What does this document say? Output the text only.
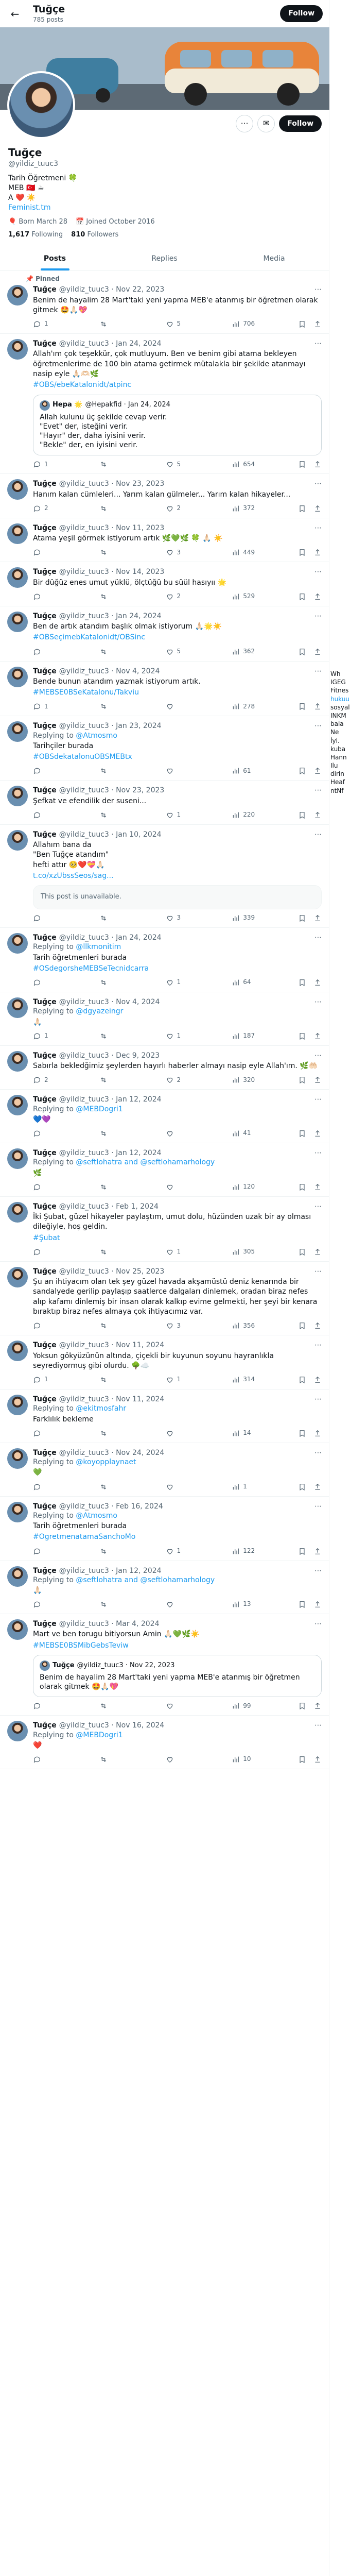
←	Tuğçe
785 posts
Follow
⋯	✉	Follow
Tuğçe
@yildiz_tuuc3
Tarih Öğretmeni 🍀
MEB 🇹🇷 ☕
A ❤️ ☀️
Feminist.tm
🎈 Born March 28 📅 Joined October 2016
1,617 Following 810 Followers
Posts	Replies	Media
📌 Pinned
Tuğçe @yildiz_tuuc3 · Nov 22, 2023	⋯
Benim de hayalim 28 Mart'taki yeni yapma MEB'e atanmış bir öğretmen olarak gitmek 🤩🙏🏻💖
1	5	706
Tuğçe @yildiz_tuuc3 · Jan 24, 2024	⋯
Allah'ım çok teşekkür, çok mutluyum. Ben ve benim gibi atama bekleyen öğretmenlerime de 100 bin atama getirmek mütalakla bir şekilde atanmayı nasip eyle 🙏🏻🫶🏻🌿
#OBS/ebeKatalonidt/atpinc
Hepa 🌟 @Hepakfid · Jan 24, 2024
Allah kulunu üç şekilde cevap verir.
"Evet" der, isteğini verir.
"Hayır" der, daha iyisini verir.
"Bekle" der, en iyisini verir.
1	5	654
Tuğçe @yildiz_tuuc3 · Nov 23, 2023	⋯
Hanım kalan cümleleri... Yarım kalan gülmeler... Yarım kalan hikayeler...
2	2	372
Tuğçe @yildiz_tuuc3 · Nov 11, 2023	⋯
Atama yeşil görmek istiyorum artık 🌿💚🌿 🍀 🙏🏻 ☀️
3	449
Tuğçe @yildiz_tuuc3 · Nov 14, 2023	⋯
Bir düğüz enes umut yüklü, ölçtüğü bu süül hasıyıı 🌟
2	529
Tuğçe @yildiz_tuuc3 · Jan 24, 2024	⋯
Ben de artık atandım başlık olmak istiyorum 🙏🏻🌟☀️
#OBSeçimebKatalonidt/OBSinc
5	362
Tuğçe @yildiz_tuuc3 · Nov 4, 2024	⋯
Bende bunun atandım yazmak istiyorum artık.
#MEBSE0BSeKatalonu/Takviu
1	278
Tuğçe @yildiz_tuuc3 · Jan 23, 2024	⋯
Replying to @Atmosmo
Tarihçiler burada
#OBSdekatalonuOBSMEBtx
61
Tuğçe @yildiz_tuuc3 · Nov 23, 2023	⋯
Şefkat ve efendilik der suseni...
1	220
Tuğçe @yildiz_tuuc3 · Jan 10, 2024	⋯
Allahım bana da
"Ben Tuğçe atandım"
hefti attır 🥺❤️💝🙏🏻
t.co/xzUbssSeos/sag...
This post is unavailable.
3	339
Tuğçe @yildiz_tuuc3 · Jan 24, 2024	⋯
Replying to @llkmonitim
Tarih öğretmenleri burada
#OSdegorsheMEBSeTecnidcarra
1	64
Tuğçe @yildiz_tuuc3 · Nov 4, 2024	⋯
Replying to @dgyazeingr
🙏🏻
1	1	187
Tuğçe @yildiz_tuuc3 · Dec 9, 2023	⋯
Sabırla bekledğimiz şeylerden hayırlı haberler almayı nasip eyle Allah'ım. 🌿🤲🏻
2	2	320
Tuğçe @yildiz_tuuc3 · Jan 12, 2024	⋯
Replying to @MEBDogri1
💙💜
41
Tuğçe @yildiz_tuuc3 · Jan 12, 2024	⋯
Replying to @seftlohatra and @seftlohamarhology
🌿
120
Tuğçe @yildiz_tuuc3 · Feb 1, 2024	⋯
İki Şubat, güzel hikayeler paylaştım, umut dolu, hüzünden uzak bir ay olması dileğiyle, hoş geldin.
#Şubat
1	305
Tuğçe @yildiz_tuuc3 · Nov 25, 2023	⋯
Şu an ihtiyacım olan tek şey güzel havada akşamüstü deniz kenarında bir sandalyede gerilip paylaşıp saatlerce dalgaları dinlemek, oradan biraz nefes alıp kafamı dinlemiş bir insan olarak kalkıp evime gelmekti, her şeyi bir kenara bıraktıp biraz nefes almaya çok ihtiyacımız var.
3	356
Tuğçe @yildiz_tuuc3 · Nov 11, 2024	⋯
Yoksun gökyüzünün altında, çiçekli bir kuyunun soyunu hayranlıkla seyrediyormuş gibi olurdu. 🌳☁️
1	1	314
Tuğçe @yildiz_tuuc3 · Nov 11, 2024	⋯
Replying to @ekitmosfahr
Farklılık bekleme
14
Tuğçe @yildiz_tuuc3 · Nov 24, 2024	⋯
Replying to @koyopplaynaet
💚
1
Tuğçe @yildiz_tuuc3 · Feb 16, 2024	⋯
Replying to @Atmosmo
Tarih öğretmenleri burada
#OgretmenatamaSanchoMo
1	122
Tuğçe @yildiz_tuuc3 · Jan 12, 2024	⋯
Replying to @seftlohatra and @seftlohamarhology
🙏🏻
13
Tuğçe @yildiz_tuuc3 · Mar 4, 2024	⋯
Mart ve ben torugu bitiyorsun Amin 🙏🏻💚🌿☀️
#MEBSE0BSMibGebsTeviw
Tuğçe @yildiz_tuuc3 · Nov 22, 2023
Benim de hayalim 28 Mart'taki yeni yapma MEB'e atanmış bir öğretmen olarak gitmek 🤩🙏🏻💖
99
Tuğçe @yildiz_tuuc3 · Nov 16, 2024	⋯
Replying to @MEBDogri1
❤️
10
Wh
IGEG
Fitnes
hukuu
sosyal
INKM
bala
Ne
İyi.
kuba
Hann
Ilu
dirin
Heaf
ntNf
